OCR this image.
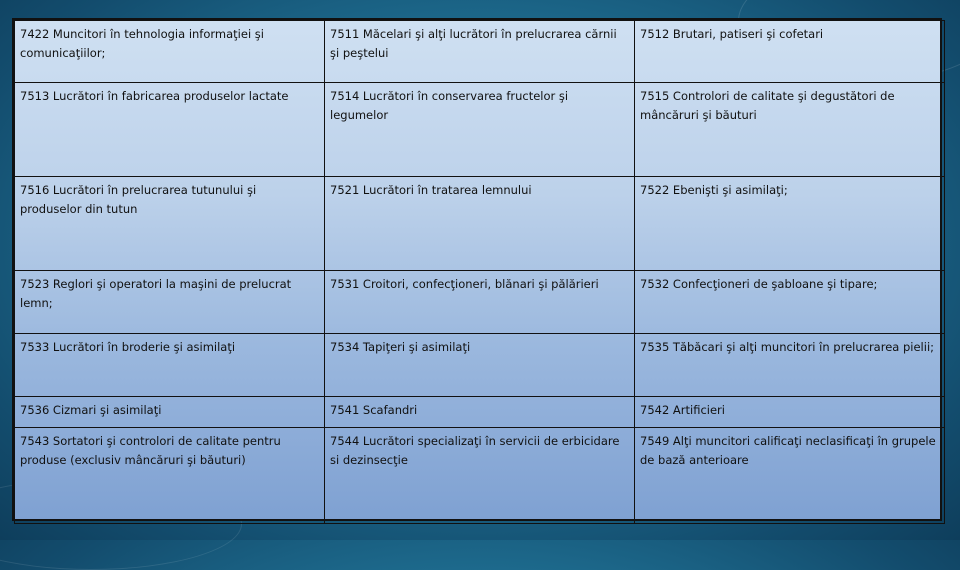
7422 Muncitori în tehnologia informaţiei şi comunicaţiilor;	7511 Măcelari şi alţi lucrători în prelucrarea cărnii şi peştelui	7512 Brutari, patiseri şi cofetari
7513 Lucrători în fabricarea produselor lactate	7514 Lucrători în conservarea fructelor şi legumelor	7515 Controlori de calitate şi degustători de mâncăruri şi băuturi
7516 Lucrători în prelucrarea tutunului şi produselor din tutun	7521 Lucrători în tratarea lemnului	7522 Ebenişti şi asimilaţi;
7523 Reglori şi operatori la maşini de prelucrat lemn;	7531 Croitori, confecţioneri, blănari şi pălărieri	7532 Confecţioneri de şabloane şi tipare;
7533 Lucrători în broderie şi asimilaţi	7534 Tapiţeri şi asimilaţi	7535 Tăbăcari şi alţi muncitori în prelucrarea pielii;
7536 Cizmari şi asimilaţi	7541 Scafandri	7542 Artificieri
7543 Sortatori şi controlori de calitate pentru produse (exclusiv mâncăruri şi băuturi)	7544 Lucrători specializaţi în servicii de erbicidare si dezinsecţie	7549 Alţi muncitori calificaţi neclasificaţi în grupele de bază anterioare
